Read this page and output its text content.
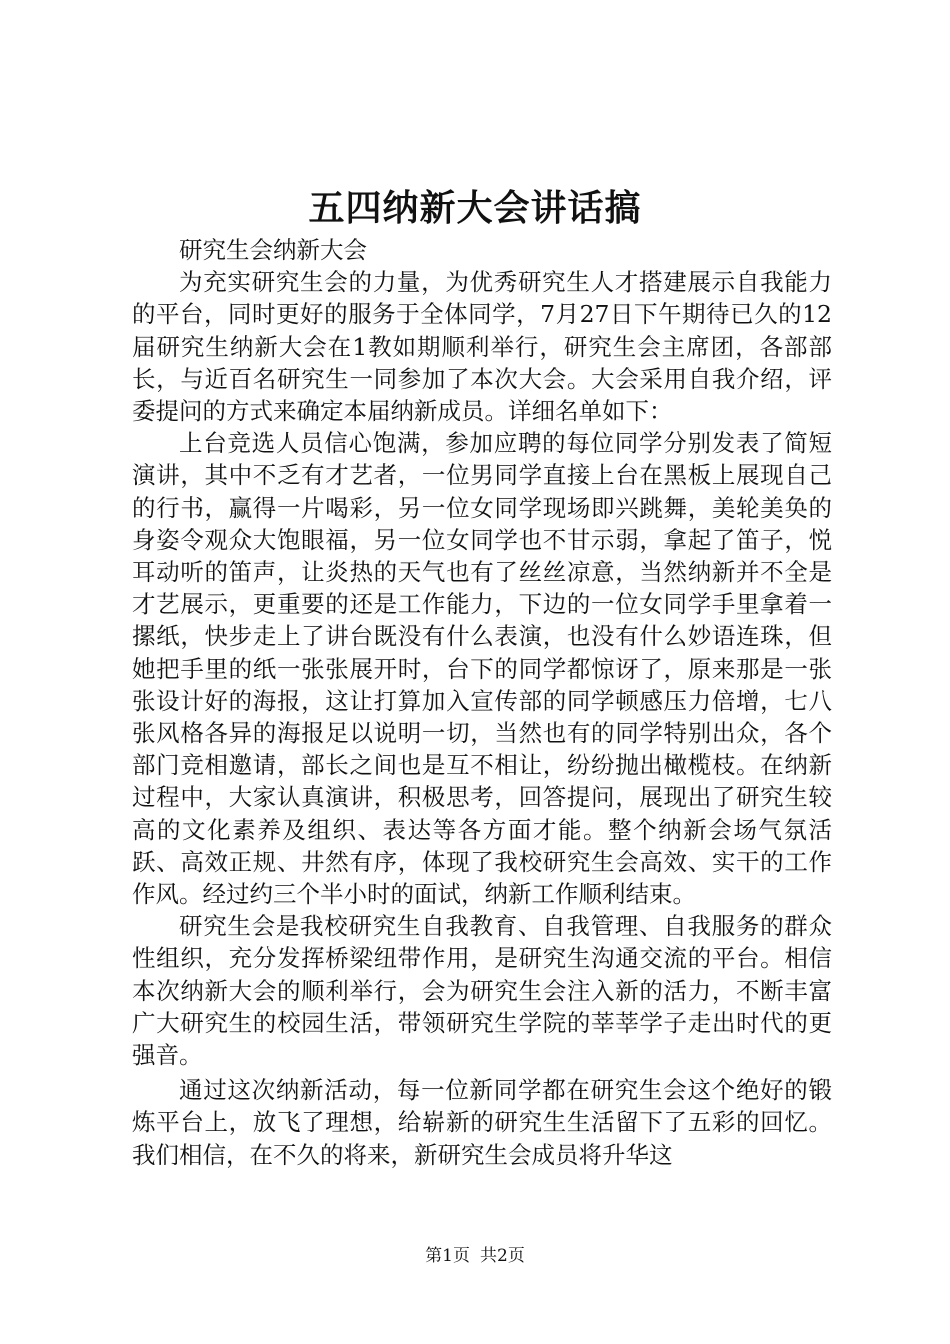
五四纳新大会讲话搞

研究生会纳新大会

为充实研究生会的力量，为优秀研究生人才搭建展示自我能力的平台，同时更好的服务于全体同学，7月27日下午期待已久的12届研究生纳新大会在1教如期顺利举行，研究生会主席团，各部部长，与近百名研究生一同参加了本次大会。大会采用自我介绍，评委提问的方式来确定本届纳新成员。详细名单如下：

上台竞选人员信心饱满，参加应聘的每位同学分别发表了简短演讲，其中不乏有才艺者，一位男同学直接上台在黑板上展现自己的行书，赢得一片喝彩，另一位女同学现场即兴跳舞，美轮美奂的身姿令观众大饱眼福，另一位女同学也不甘示弱，拿起了笛子，悦耳动听的笛声，让炎热的天气也有了丝丝凉意，当然纳新并不全是才艺展示，更重要的还是工作能力，下边的一位女同学手里拿着一摞纸，快步走上了讲台既没有什么表演，也没有什么妙语连珠，但她把手里的纸一张张展开时，台下的同学都惊讶了，原来那是一张张设计好的海报，这让打算加入宣传部的同学顿感压力倍增，七八张风格各异的海报足以说明一切，当然也有的同学特别出众，各个部门竞相邀请，部长之间也是互不相让，纷纷抛出橄榄枝。在纳新过程中，大家认真演讲，积极思考，回答提问，展现出了研究生较高的文化素养及组织、表达等各方面才能。整个纳新会场气氛活跃、高效正规、井然有序，体现了我校研究生会高效、实干的工作作风。经过约三个半小时的面试，纳新工作顺利结束。

研究生会是我校研究生自我教育、自我管理、自我服务的群众性组织，充分发挥桥梁纽带作用，是研究生沟通交流的平台。相信本次纳新大会的顺利举行，会为研究生会注入新的活力，不断丰富广大研究生的校园生活，带领研究生学院的莘莘学子走出时代的更强音。

通过这次纳新活动，每一位新同学都在研究生会这个绝好的锻炼平台上，放飞了理想，给崭新的研究生生活留下了五彩的回忆。我们相信，在不久的将来，新研究生会成员将升华这

第1页 共2页
